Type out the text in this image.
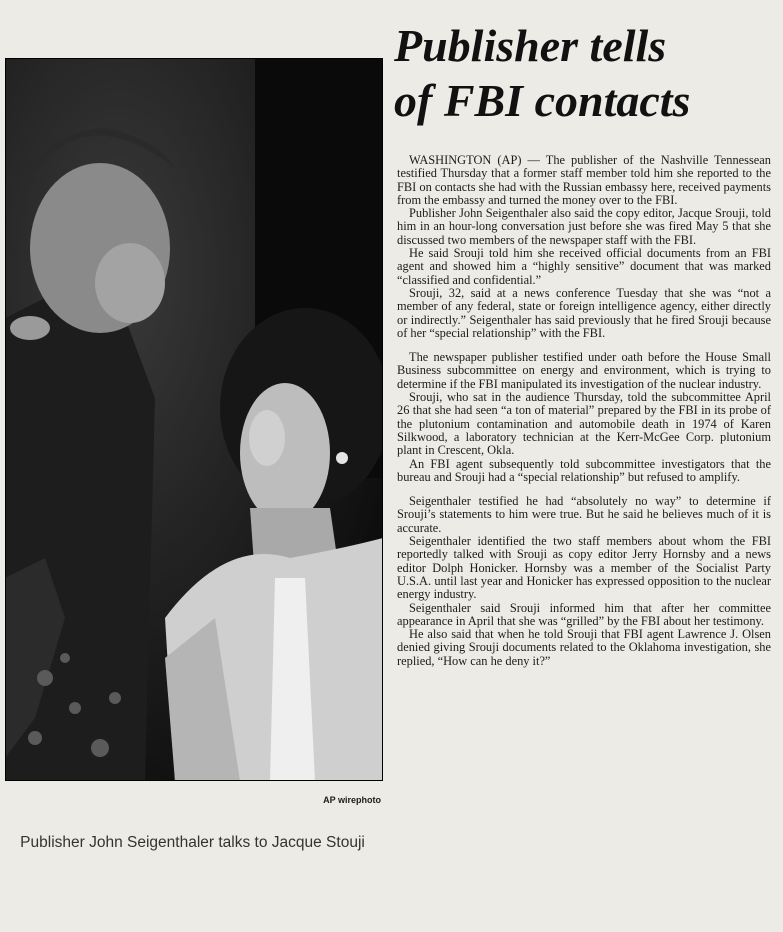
AP wirephoto
Publisher John Seigenthaler talks to Jacque Stouji
Publisher tells
of FBI contacts

WASHINGTON (AP) — The publisher of the Nashville Tennessean testified Thursday that a former staff member told him she reported to the FBI on contacts she had with the Russian embassy here, received payments from the embassy and turned the money over to the FBI.

Publisher John Seigenthaler also said the copy editor, Jacque Srouji, told him in an hour-long conversation just before she was fired May 5 that she discussed two members of the newspaper staff with the FBI.

He said Srouji told him she received official documents from an FBI agent and showed him a “highly sensitive” document that was marked “classified and confidential.”

Srouji, 32, said at a news conference Tuesday that she was “not a member of any federal, state or foreign intelligence agency, either directly or indirectly.” Seigenthaler has said previously that he fired Srouji because of her “special relationship” with the FBI.

The newspaper publisher testified under oath before the House Small Business subcommittee on energy and environment, which is trying to determine if the FBI manipulated its investigation of the nuclear industry.

Srouji, who sat in the audience Thursday, told the subcommittee April 26 that she had seen “a ton of material” prepared by the FBI in its probe of the plutonium contamination and automobile death in 1974 of Karen Silkwood, a laboratory technician at the Kerr-McGee Corp. plutonium plant in Crescent, Okla.

An FBI agent subsequently told subcommittee investigators that the bureau and Srouji had a “special relationship” but refused to amplify.

Seigenthaler testified he had “absolutely no way” to determine if Srouji’s statements to him were true. But he said he believes much of it is accurate.

Seigenthaler identified the two staff members about whom the FBI reportedly talked with Srouji as copy editor Jerry Hornsby and a news editor Dolph Honicker. Hornsby was a member of the Socialist Party U.S.A. until last year and Honicker has expressed opposition to the nuclear energy industry.

Seigenthaler said Srouji informed him that after her committee appearance in April that she was “grilled” by the FBI about her testimony.

He also said that when he told Srouji that FBI agent Lawrence J. Olsen denied giving Srouji documents related to the Oklahoma investigation, she replied, “How can he deny it?”
